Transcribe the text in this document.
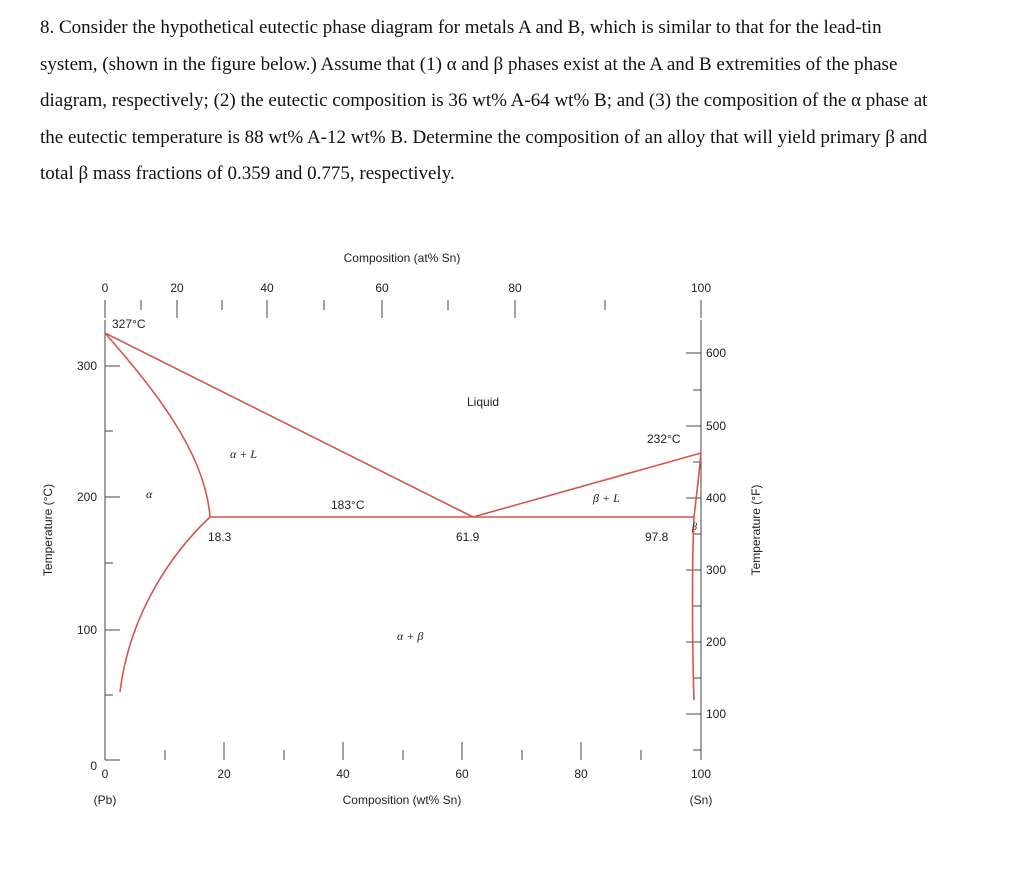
8. Consider the hypothetical eutectic phase diagram for metals A and B, which is similar to that for the lead-tin system, (shown in the figure below.) Assume that (1) α and β phases exist at the A and B extremities of the phase diagram, respectively; (2) the eutectic composition is 36 wt% A-64 wt% B; and (3) the composition of the α phase at the eutectic temperature is 88 wt% A-12 wt% B. Determine the composition of an alloy that will yield primary β and total β mass fractions of 0.359 and 0.775, respectively.

Composition (at% Sn)
Composition (wt% Sn)
Temperature (°C)	Temperature (°F)
0	20	40	60	80	100
0
100
200
300
100
200
300
400
500
600
0	20	40	60	80	100
(Pb)	(Sn)
327°C
232°C
183°C
18.3	61.9	97.8
Liquid
α + L
β + L
α
β
α + β
